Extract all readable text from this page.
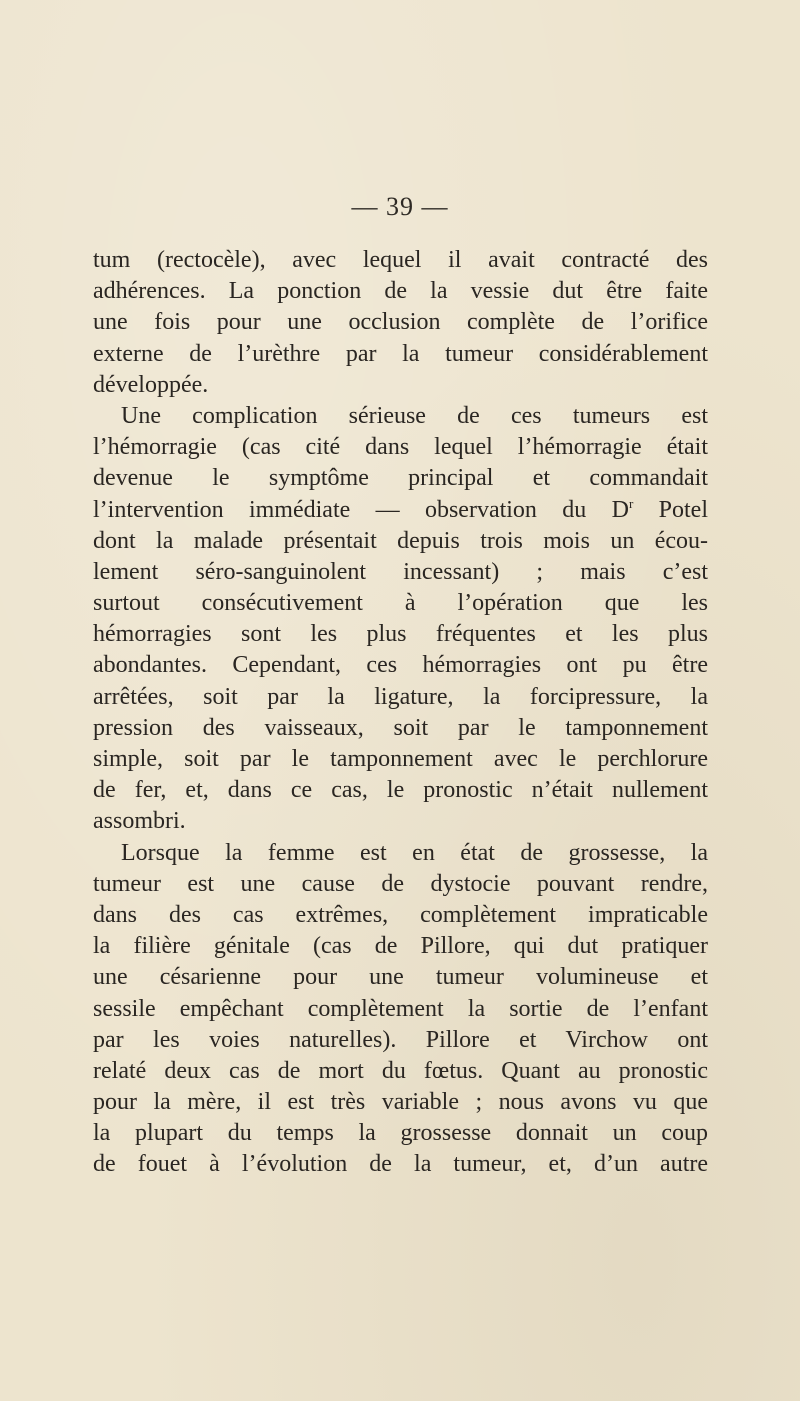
— 39 —
tum (rectocèle), avec lequel il avait contracté des
adhérences. La ponction de la vessie dut être faite
une fois pour une occlusion complète de l’orifice
externe de l’urèthre par la tumeur considérablement
développée.
Une complication sérieuse de ces tumeurs est
l’hémorragie (cas cité dans lequel l’hémorragie était
devenue le symptôme principal et commandait
l’intervention immédiate — observation du $D^r$ Potel
dont la malade présentait depuis trois mois un écou-
lement séro-sanguinolent incessant) ; mais c’est
surtout consécutivement à l’opération que les
hémorragies sont les plus fréquentes et les plus
abondantes. Cependant, ces hémorragies ont pu être
arrêtées, soit par la ligature, la forcipressure, la
pression des vaisseaux, soit par le tamponnement
simple, soit par le tamponnement avec le perchlorure
de fer, et, dans ce cas, le pronostic n’était nullement
assombri.
Lorsque la femme est en état de grossesse, la
tumeur est une cause de dystocie pouvant rendre,
dans des cas extrêmes, complètement impraticable
la filière génitale (cas de Pillore, qui dut pratiquer
une césarienne pour une tumeur volumineuse et
sessile empêchant complètement la sortie de l’enfant
par les voies naturelles). Pillore et Virchow ont
relaté deux cas de mort du fœtus. Quant au pronostic
pour la mère, il est très variable ; nous avons vu que
la plupart du temps la grossesse donnait un coup
de fouet à l’évolution de la tumeur, et, d’un autre
